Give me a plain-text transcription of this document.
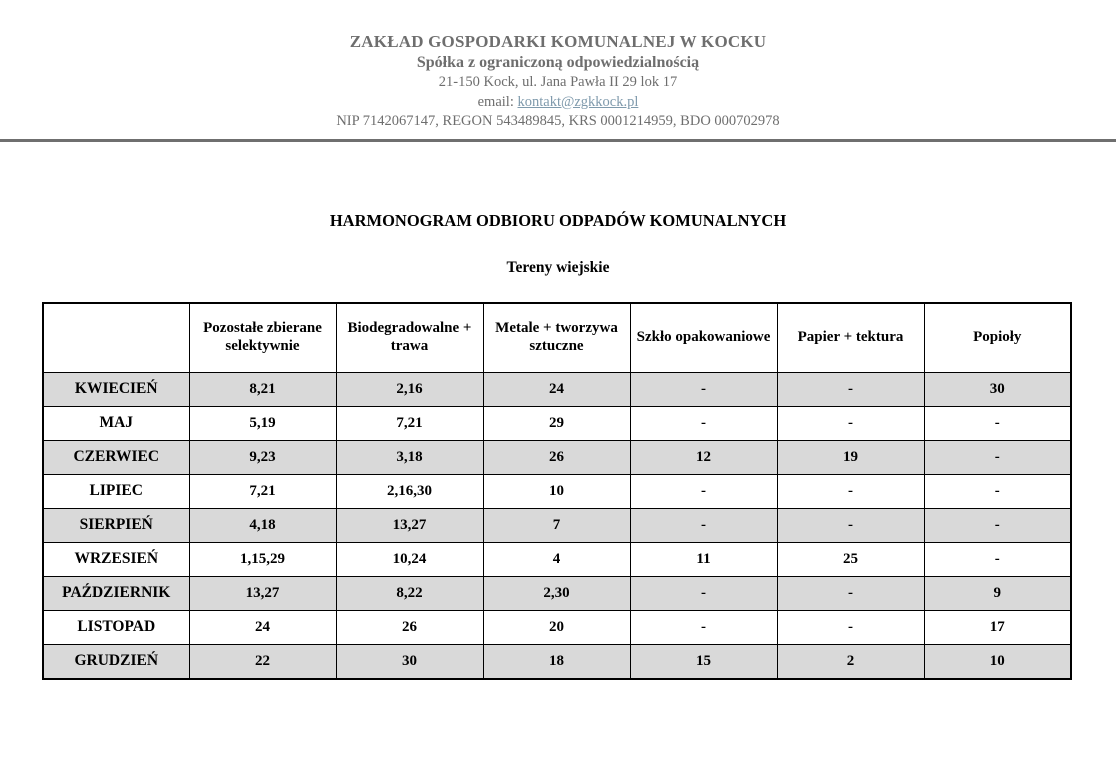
ZAKŁAD GOSPODARKI KOMUNALNEJ W KOCKU
Spółka z ograniczoną odpowiedzialnością
21-150 Kock, ul. Jana Pawła II 29 lok 17
email: kontakt@zgkkock.pl
NIP 7142067147, REGON 543489845, KRS 0001214959, BDO 000702978
HARMONOGRAM ODBIORU ODPADÓW KOMUNALNYCH
Tereny wiejskie
	Pozostałe zbierane selektywnie	Biodegradowalne + trawa	Metale + tworzywa sztuczne	Szkło opakowaniowe	Papier + tektura	Popioły
KWIECIEŃ	8,21	2,16	24	-	-	30
MAJ	5,19	7,21	29	-	-	-
CZERWIEC	9,23	3,18	26	12	19	-
LIPIEC	7,21	2,16,30	10	-	-	-
SIERPIEŃ	4,18	13,27	7	-	-	-
WRZESIEŃ	1,15,29	10,24	4	11	25	-
PAŹDZIERNIK	13,27	8,22	2,30	-	-	9
LISTOPAD	24	26	20	-	-	17
GRUDZIEŃ	22	30	18	15	2	10
